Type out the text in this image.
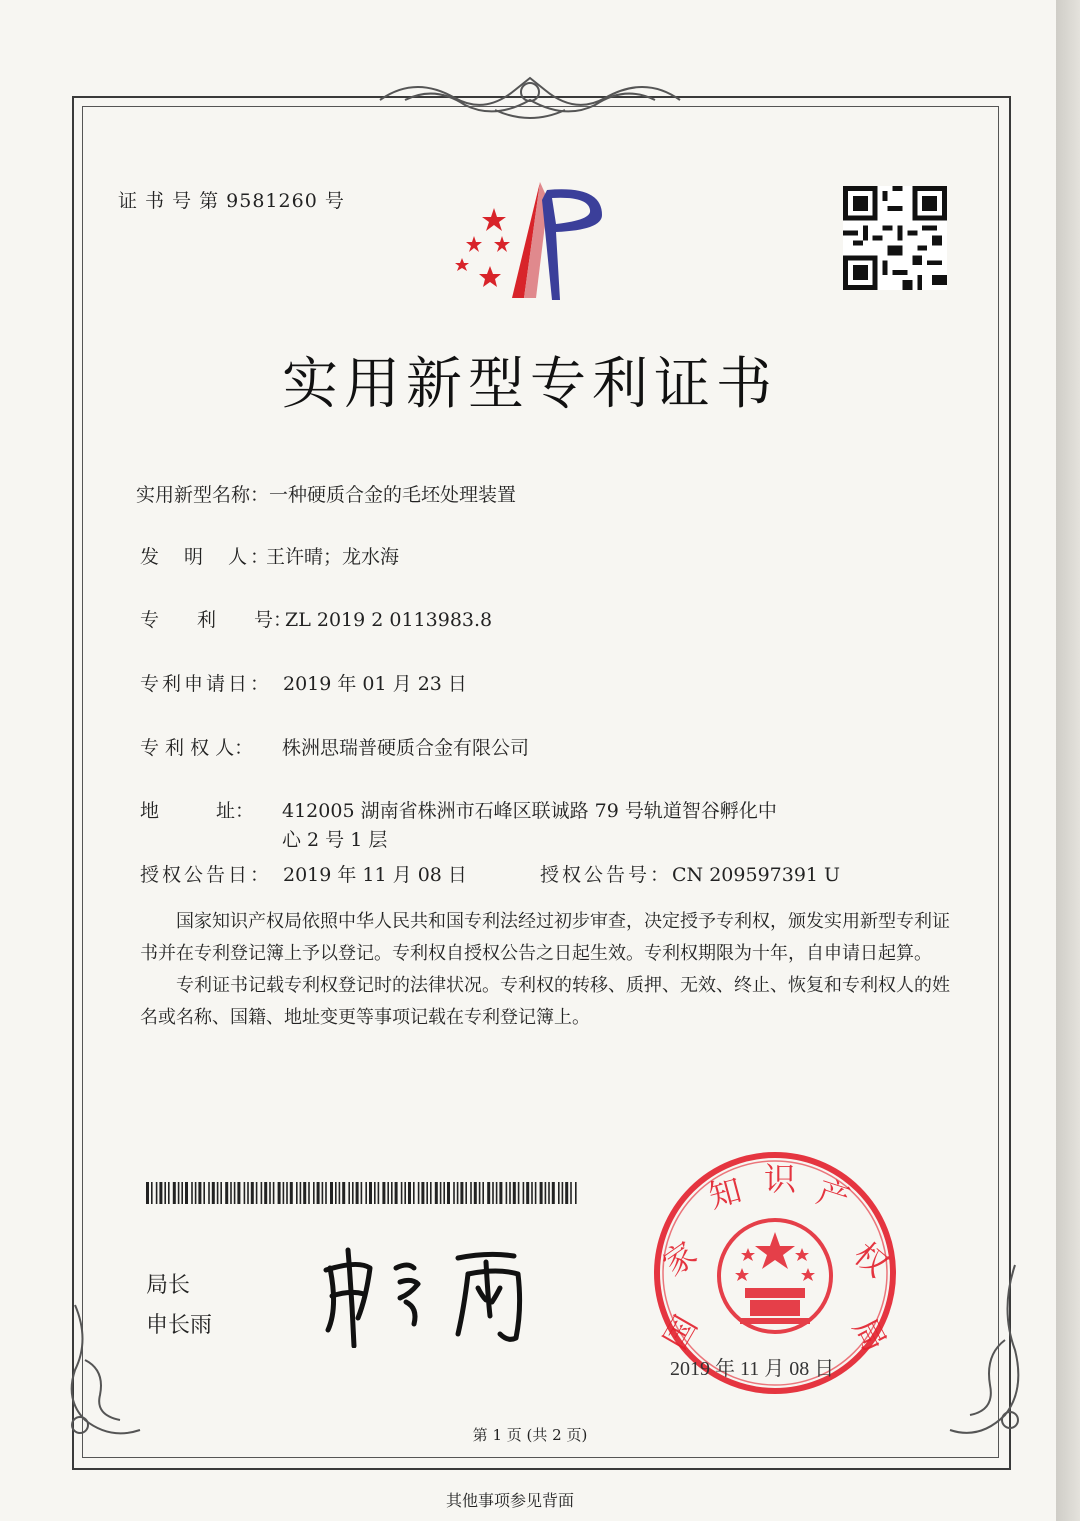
证 书 号 第 9581260 号
实用新型专利证书
实用新型名称：一种硬质合金的毛坯处理装置
发　明　人：王许晴；龙水海
专　　利　　号：ZL 2019 2 0113983.8
专利申请日： 2019 年 01 月 23 日
专 利 权 人： 株洲思瑞普硬质合金有限公司
地　　　址： 412005 湖南省株洲市石峰区联诚路 79 号轨道智谷孵化中
心 2 号 1 层
授权公告日： 2019 年 11 月 08 日	授权公告号：CN 209597391 U

国家知识产权局依照中华人民共和国专利法经过初步审查，决定授予专利权，颁发实用新型专利证书并在专利登记簿上予以登记。专利权自授权公告之日起生效。专利权期限为十年，自申请日起算。

专利证书记载专利权登记时的法律状况。专利权的转移、质押、无效、终止、恢复和专利权人的姓名或名称、国籍、地址变更等事项记载在专利登记簿上。

局长
申长雨	国
家
知 识 产
权
局
2019 年 11 月 08 日
第 1 页 (共 2 页)
其他事项参见背面
